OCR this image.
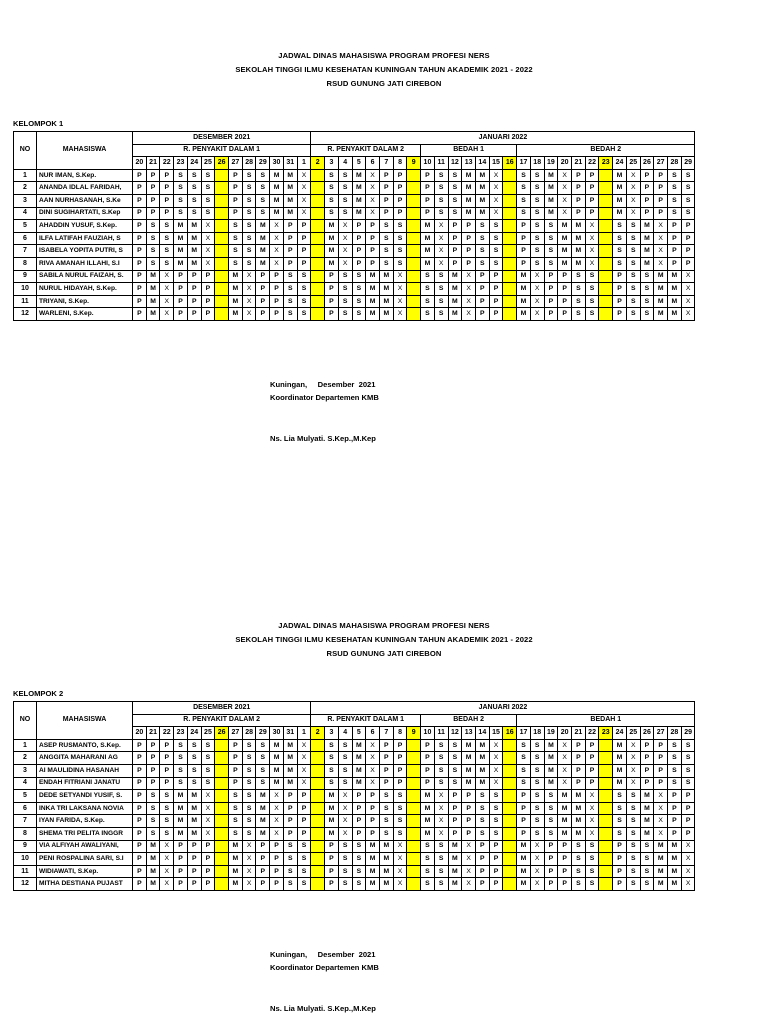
JADWAL DINAS MAHASISWA PROGRAM PROFESI NERS
SEKOLAH TINGGI ILMU KESEHATAN KUNINGAN TAHUN AKADEMIK 2021 - 2022
RSUD GUNUNG JATI CIREBON
KELOMPOK 1
NO	MAHASISWA	DESEMBER 2021													JANUARI 2022																											
		R. PENYAKIT DALAM 1													R. PENYAKIT DALAM 2								BEDAH 1							BEDAH 2												
		20	21	22	23	24	25	26	27	28	29	30	31	1	2	3	4	5	6	7	8	9	10	11	12	13	14	15	16	17	18	19	20	21	22	23	24	25	26	27	28	29
1	NUR IMAN, S.Kep.	P	P	P	S	S	S		P	S	S	M	M	X		S	S	M	X	P	P		P	S	S	M	M	X		S	S	M	X	P	P		M	X	P	P	S	S
2	ANANDA IDLAL FARIDAH,	P	P	P	S	S	S		P	S	S	M	M	X		S	S	M	X	P	P		P	S	S	M	M	X		S	S	M	X	P	P		M	X	P	P	S	S
3	AAN NURHASANAH, S.Ke	P	P	P	S	S	S		P	S	S	M	M	X		S	S	M	X	P	P		P	S	S	M	M	X		S	S	M	X	P	P		M	X	P	P	S	S
4	DINI SUGIHARTATI, S.Kep	P	P	P	S	S	S		P	S	S	M	M	X		S	S	M	X	P	P		P	S	S	M	M	X		S	S	M	X	P	P		M	X	P	P	S	S
5	AHADDIN YUSUF, S.Kep.	P	S	S	M	M	X		S	S	M	X	P	P		M	X	P	P	S	S		M	X	P	P	S	S		P	S	S	M	M	X		S	S	M	X	P	P
6	ILFA LATIFAH FAUZIAH, S	P	S	S	M	M	X		S	S	M	X	P	P		M	X	P	P	S	S		M	X	P	P	S	S		P	S	S	M	M	X		S	S	M	X	P	P
7	ISABELA YOPITA PUTRI, S	P	S	S	M	M	X		S	S	M	X	P	P		M	X	P	P	S	S		M	X	P	P	S	S		P	S	S	M	M	X		S	S	M	X	P	P
8	RIVA AMANAH ILLAHI, S.I	P	S	S	M	M	X		S	S	M	X	P	P		M	X	P	P	S	S		M	X	P	P	S	S		P	S	S	M	M	X		S	S	M	X	P	P
9	SABILA NURUL FAIZAH, S.	P	M	X	P	P	P		M	X	P	P	S	S		P	S	S	M	M	X		S	S	M	X	P	P		M	X	P	P	S	S		P	S	S	M	M	X
10	NURUL HIDAYAH, S.Kep.	P	M	X	P	P	P		M	X	P	P	S	S		P	S	S	M	M	X		S	S	M	X	P	P		M	X	P	P	S	S		P	S	S	M	M	X
11	TRIYANI, S.Kep.	P	M	X	P	P	P		M	X	P	P	S	S		P	S	S	M	M	X		S	S	M	X	P	P		M	X	P	P	S	S		P	S	S	M	M	X
12	WARLENI, S.Kep.	P	M	X	P	P	P		M	X	P	P	S	S		P	S	S	M	M	X		S	S	M	X	P	P		M	X	P	P	S	S		P	S	S	M	M	X
Kuningan,     Desember  2021
Koordinator Departemen KMB
Ns. Lia Mulyati. S.Kep.,M.Kep
JADWAL DINAS MAHASISWA PROGRAM PROFESI NERS
SEKOLAH TINGGI ILMU KESEHATAN KUNINGAN TAHUN AKADEMIK 2021 - 2022
RSUD GUNUNG JATI CIREBON
KELOMPOK 2
NO	MAHASISWA	DESEMBER 2021													JANUARI 2022																											
		R. PENYAKIT DALAM 2													R. PENYAKIT DALAM 1								BEDAH 2							BEDAH 1												
		20	21	22	23	24	25	26	27	28	29	30	31	1	2	3	4	5	6	7	8	9	10	11	12	13	14	15	16	17	18	19	20	21	22	23	24	25	26	27	28	29
1	ASEP RUSMANTO, S.Kep.	P	P	P	S	S	S		P	S	S	M	M	X		S	S	M	X	P	P		P	S	S	M	M	X		S	S	M	X	P	P		M	X	P	P	S	S
2	ANGGITA MAHARANI AG	P	P	P	S	S	S		P	S	S	M	M	X		S	S	M	X	P	P		P	S	S	M	M	X		S	S	M	X	P	P		M	X	P	P	S	S
3	AI MAULIDINA HASANAH	P	P	P	S	S	S		P	S	S	M	M	X		S	S	M	X	P	P		P	S	S	M	M	X		S	S	M	X	P	P		M	X	P	P	S	S
4	ENDAH FITRIANI JANATU	P	P	P	S	S	S		P	S	S	M	M	X		S	S	M	X	P	P		P	S	S	M	M	X		S	S	M	X	P	P		M	X	P	P	S	S
5	DEDE SETYANDI YUSIF, S.	P	S	S	M	M	X		S	S	M	X	P	P		M	X	P	P	S	S		M	X	P	P	S	S		P	S	S	M	M	X		S	S	M	X	P	P
6	INKA TRI LAKSANA NOVIA	P	S	S	M	M	X		S	S	M	X	P	P		M	X	P	P	S	S		M	X	P	P	S	S		P	S	S	M	M	X		S	S	M	X	P	P
7	IYAN FARIDA, S.Kep.	P	S	S	M	M	X		S	S	M	X	P	P		M	X	P	P	S	S		M	X	P	P	S	S		P	S	S	M	M	X		S	S	M	X	P	P
8	SHEMA TRI PELITA INGGR	P	S	S	M	M	X		S	S	M	X	P	P		M	X	P	P	S	S		M	X	P	P	S	S		P	S	S	M	M	X		S	S	M	X	P	P
9	VIA ALFIYAH AWALIYANI,	P	M	X	P	P	P		M	X	P	P	S	S		P	S	S	M	M	X		S	S	M	X	P	P		M	X	P	P	S	S		P	S	S	M	M	X
10	PENI ROSPALINA SARI, S.I	P	M	X	P	P	P		M	X	P	P	S	S		P	S	S	M	M	X		S	S	M	X	P	P		M	X	P	P	S	S		P	S	S	M	M	X
11	WIDIAWATI, S.Kep.	P	M	X	P	P	P		M	X	P	P	S	S		P	S	S	M	M	X		S	S	M	X	P	P		M	X	P	P	S	S		P	S	S	M	M	X
12	MITHA DESTIANA PUJAST	P	M	X	P	P	P		M	X	P	P	S	S		P	S	S	M	M	X		S	S	M	X	P	P		M	X	P	P	S	S		P	S	S	M	M	X
Kuningan,     Desember  2021
Koordinator Departemen KMB
Ns. Lia Mulyati. S.Kep.,M.Kep
